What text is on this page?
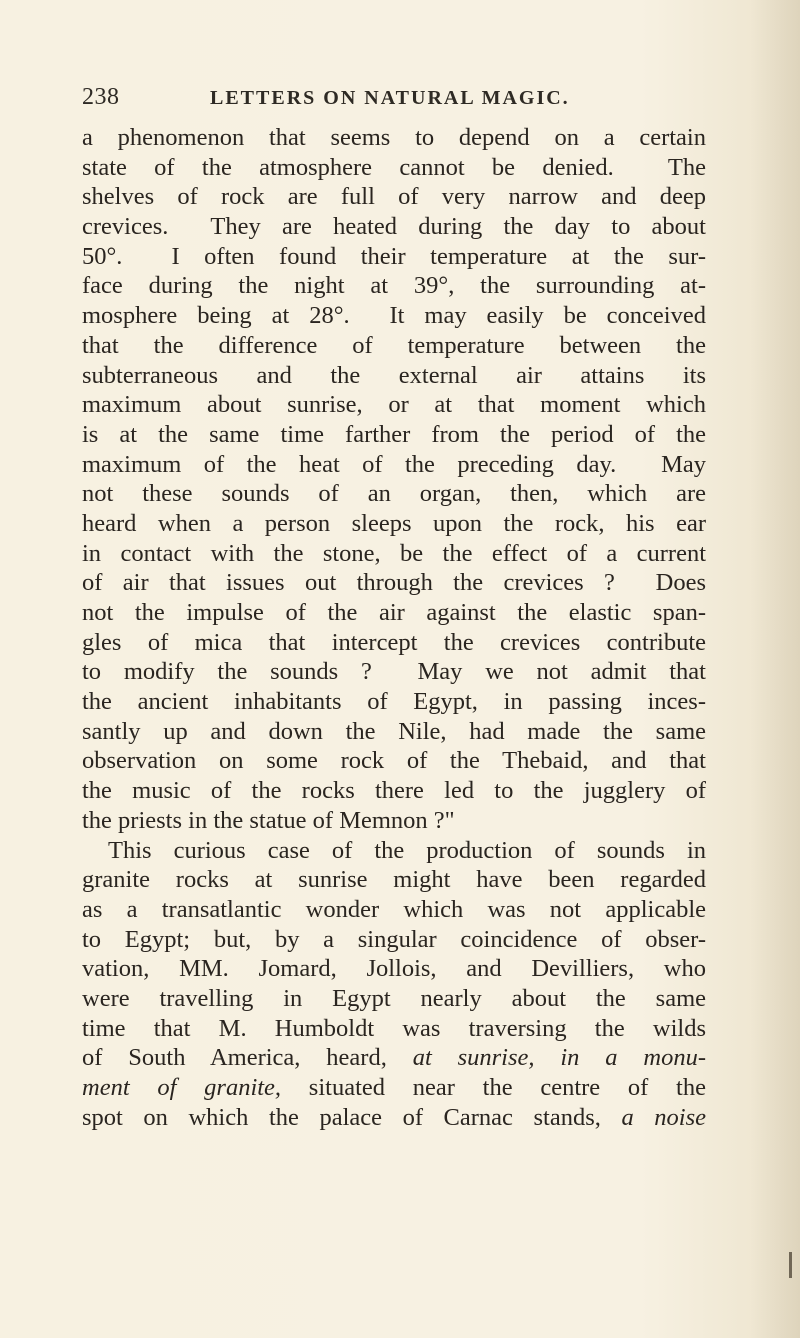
238	LETTERS ON NATURAL MAGIC.
a phenomenon that seems to depend on a certain
state of the atmosphere cannot be denied.  The
shelves of rock are full of very narrow and deep
crevices.  They are heated during the day to about
50°.  I often found their temperature at the sur-
face during the night at 39°, the surrounding at-
mosphere being at 28°.  It may easily be conceived
that the difference of temperature between the
subterraneous and the external air attains its
maximum about sunrise, or at that moment which
is at the same time farther from the period of the
maximum of the heat of the preceding day.  May
not these sounds of an organ, then, which are
heard when a person sleeps upon the rock, his ear
in contact with the stone, be the effect of a current
of air that issues out through the crevices ?  Does
not the impulse of the air against the elastic span-
gles of mica that intercept the crevices contribute
to modify the sounds ?  May we not admit that
the ancient inhabitants of Egypt, in passing inces-
santly up and down the Nile, had made the same
observation on some rock of the Thebaid, and that
the music of the rocks there led to the jugglery of
the priests in the statue of Memnon ?"
This curious case of the production of sounds in
granite rocks at sunrise might have been regarded
as a transatlantic wonder which was not applicable
to Egypt; but, by a singular coincidence of obser-
vation, MM. Jomard, Jollois, and Devilliers, who
were travelling in Egypt nearly about the same
time that M. Humboldt was traversing the wilds
of South America, heard, at sunrise, in a monu-
ment of granite, situated near the centre of the
spot on which the palace of Carnac stands, a noise
